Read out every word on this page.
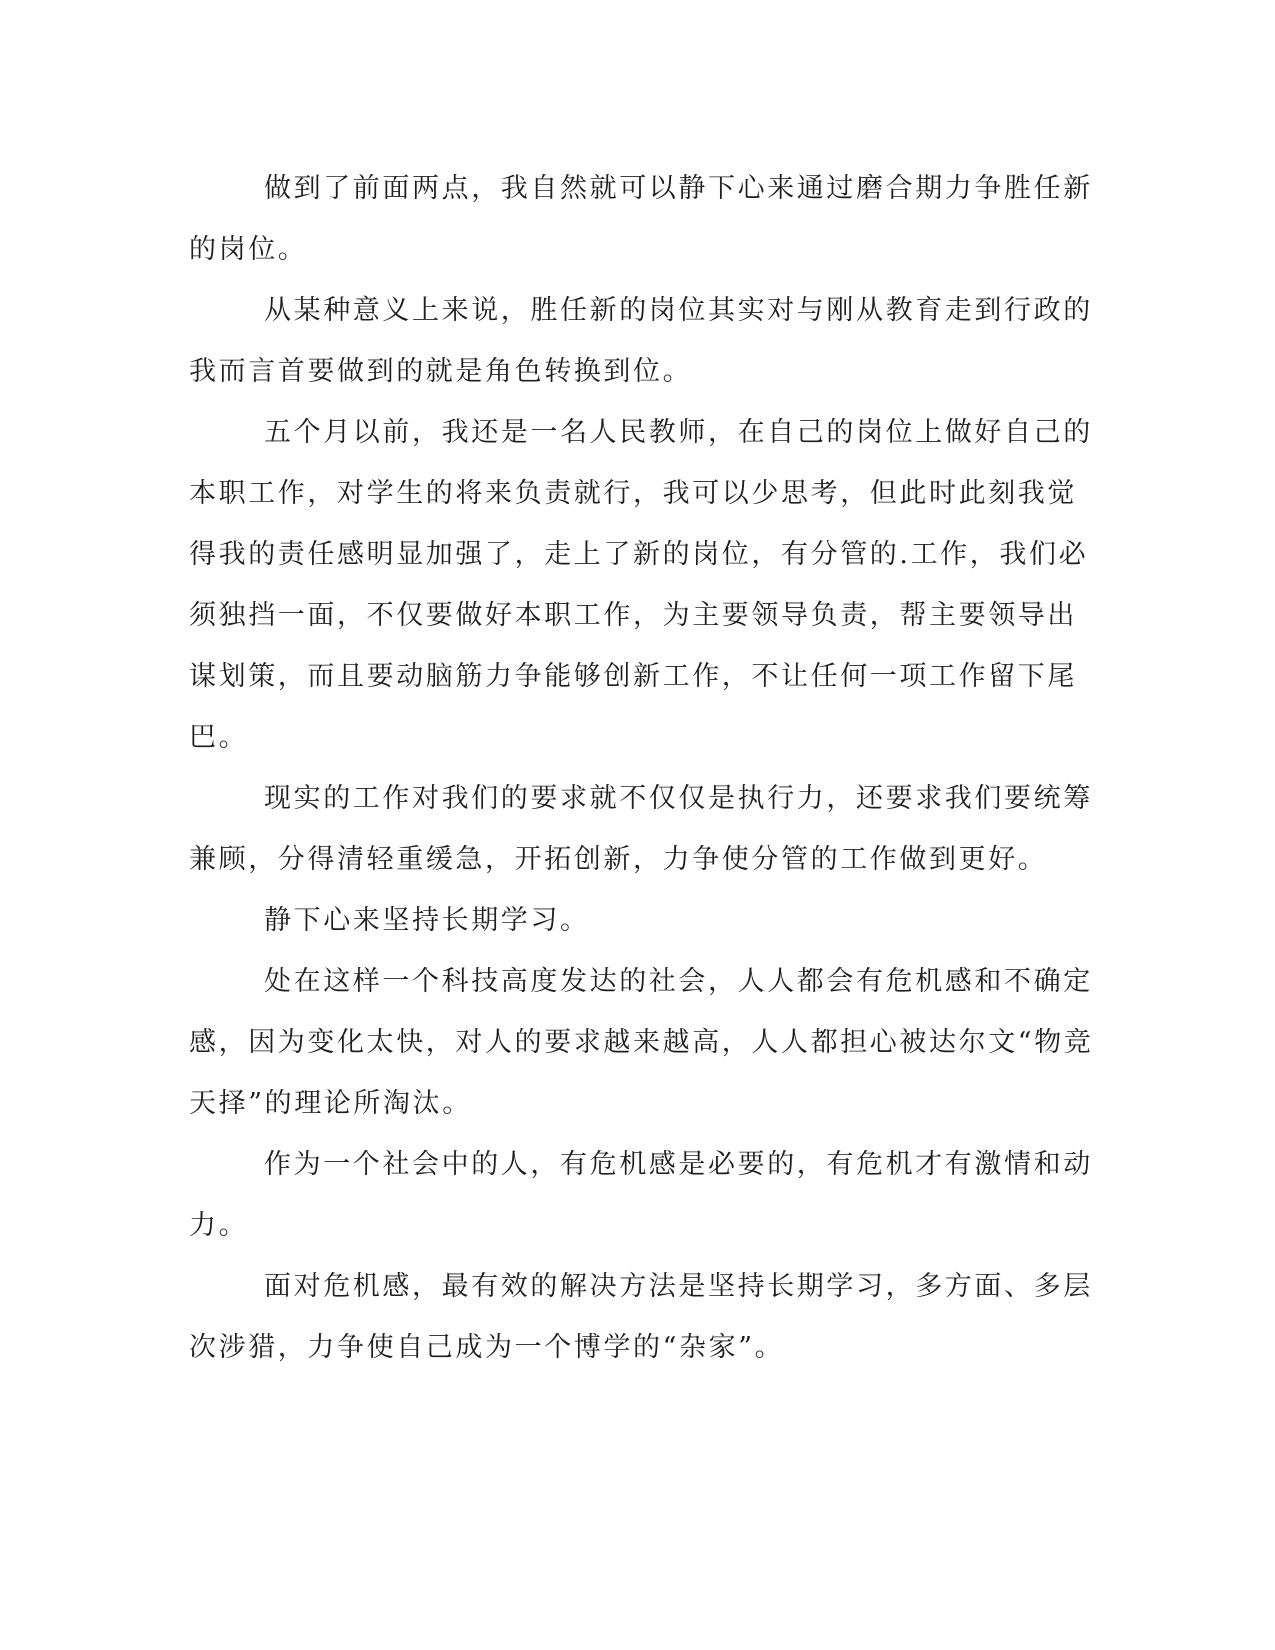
做到了前面两点，我自然就可以静下心来通过磨合期力争胜任新
的岗位。
从某种意义上来说，胜任新的岗位其实对与刚从教育走到行政的
我而言首要做到的就是角色转换到位。
五个月以前，我还是一名人民教师，在自己的岗位上做好自己的
本职工作，对学生的将来负责就行，我可以少思考，但此时此刻我觉
得我的责任感明显加强了，走上了新的岗位，有分管的.工作，我们必
须独挡一面，不仅要做好本职工作，为主要领导负责，帮主要领导出
谋划策，而且要动脑筋力争能够创新工作，不让任何一项工作留下尾
巴。
现实的工作对我们的要求就不仅仅是执行力，还要求我们要统筹
兼顾，分得清轻重缓急，开拓创新，力争使分管的工作做到更好。
静下心来坚持长期学习。
处在这样一个科技高度发达的社会，人人都会有危机感和不确定
感，因为变化太快，对人的要求越来越高，人人都担心被达尔文“物竞
天择”的理论所淘汰。
作为一个社会中的人，有危机感是必要的，有危机才有激情和动
力。
面对危机感，最有效的解决方法是坚持长期学习，多方面、多层
次涉猎，力争使自己成为一个博学的“杂家”。
